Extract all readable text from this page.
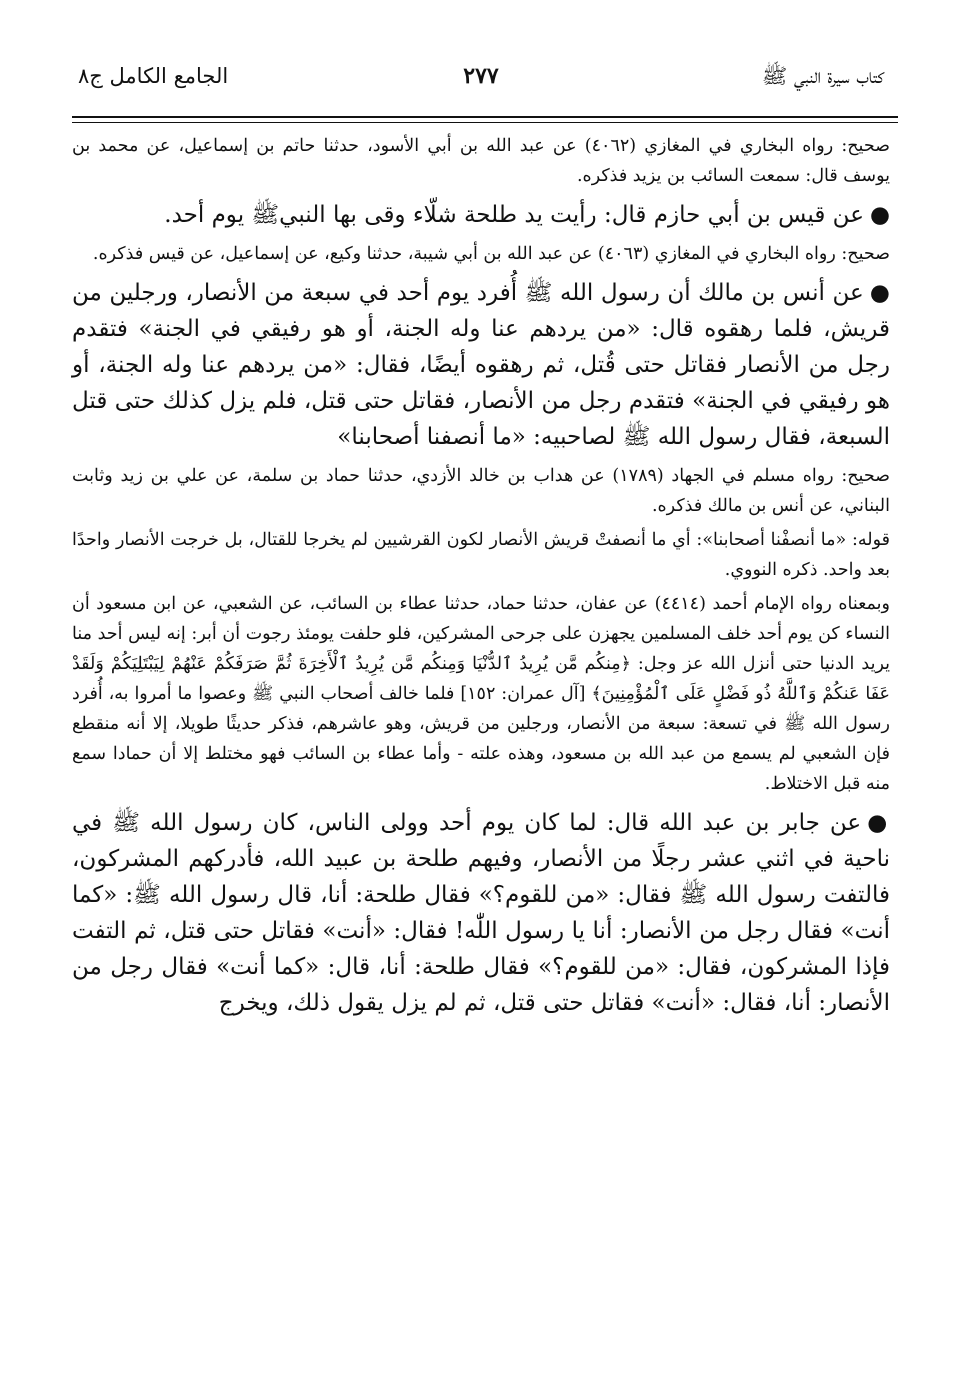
كتاب سيرة النبي ﷺ
٢٧٧
الجامع الكامل ج٨

صحيح: رواه البخاري في المغازي (٤٠٦٢) عن عبد الله بن أبي الأسود، حدثنا حاتم بن إسماعيل، عن محمد بن يوسف قال: سمعت السائب بن يزيد فذكره.

●عن قيس بن أبي حازم قال: رأيت يد طلحة شلّاء وقى بها النبيﷺ يوم أحد.

صحيح: رواه البخاري في المغازي (٤٠٦٣) عن عبد الله بن أبي شيبة، حدثنا وكيع، عن إسماعيل، عن قيس فذكره.

●عن أنس بن مالك أن رسول الله ﷺ أُفرد يوم أحد في سبعة من الأنصار، ورجلين من قريش، فلما رهقوه قال: «من يردهم عنا وله الجنة، أو هو رفيقي في الجنة» فتقدم رجل من الأنصار فقاتل حتى قُتل، ثم رهقوه أيضًا، فقال: «من يردهم عنا وله الجنة، أو هو رفيقي في الجنة» فتقدم رجل من الأنصار، فقاتل حتى قتل، فلم يزل كذلك حتى قتل السبعة، فقال رسول الله ﷺ لصاحبيه: «ما أنصفنا أصحابنا»

صحيح: رواه مسلم في الجهاد (١٧٨٩) عن هداب بن خالد الأزدي، حدثنا حماد بن سلمة، عن علي بن زيد وثابت البناني، عن أنس بن مالك فذكره.

قوله: «ما أنصفْنا أصحابنا»: أي ما أنصفتْ قريش الأنصار لكون القرشيين لم يخرجا للقتال، بل خرجت الأنصار واحدًا بعد واحد. ذكره النووي.

وبمعناه رواه الإمام أحمد (٤٤١٤) عن عفان، حدثنا حماد، حدثنا عطاء بن السائب، عن الشعبي، عن ابن مسعود أن النساء كن يوم أحد خلف المسلمين يجهزن على جرحى المشركين، فلو حلفت يومئذ رجوت أن أبر: إنه ليس أحد منا يريد الدنيا حتى أنزل الله عز وجل: ﴿مِنكُم مَّن يُرِيدُ ٱلدُّنْيَا وَمِنكُم مَّن يُرِيدُ ٱلْأَخِرَةَ ثُمَّ صَرَفَكُمْ عَنْهُمْ لِيَبْتَلِيَكُمْ وَلَقَدْ عَفَا عَنكُمْ وَٱللَّهُ ذُو فَضْلٍ عَلَى ٱلْمُؤْمِنِينَ﴾ [آل عمران: ١٥٢] فلما خالف أصحاب النبي ﷺ وعصوا ما أمروا به، أُفرد رسول الله ﷺ في تسعة: سبعة من الأنصار، ورجلين من قريش، وهو عاشرهم، فذكر حديثًا طويلا، إلا أنه منقطع فإن الشعبي لم يسمع من عبد الله بن مسعود، وهذه علته - وأما عطاء بن السائب فهو مختلط إلا أن حمادا سمع منه قبل الاختلاط.

●عن جابر بن عبد الله قال: لما كان يوم أحد وولى الناس، كان رسول الله ﷺ في ناحية في اثني عشر رجلًا من الأنصار، وفيهم طلحة بن عبيد الله، فأدركهم المشركون، فالتفت رسول الله ﷺ فقال: «من للقوم؟» فقال طلحة: أنا، قال رسول الله ﷺ: «كما أنت» فقال رجل من الأنصار: أنا يا رسول اللّٰه! فقال: «أنت» فقاتل حتى قتل، ثم التفت فإذا المشركون، فقال: «من للقوم؟» فقال طلحة: أنا، قال: «كما أنت» فقال رجل من الأنصار: أنا، فقال: «أنت» فقاتل حتى قتل، ثم لم يزل يقول ذلك، ويخرج
